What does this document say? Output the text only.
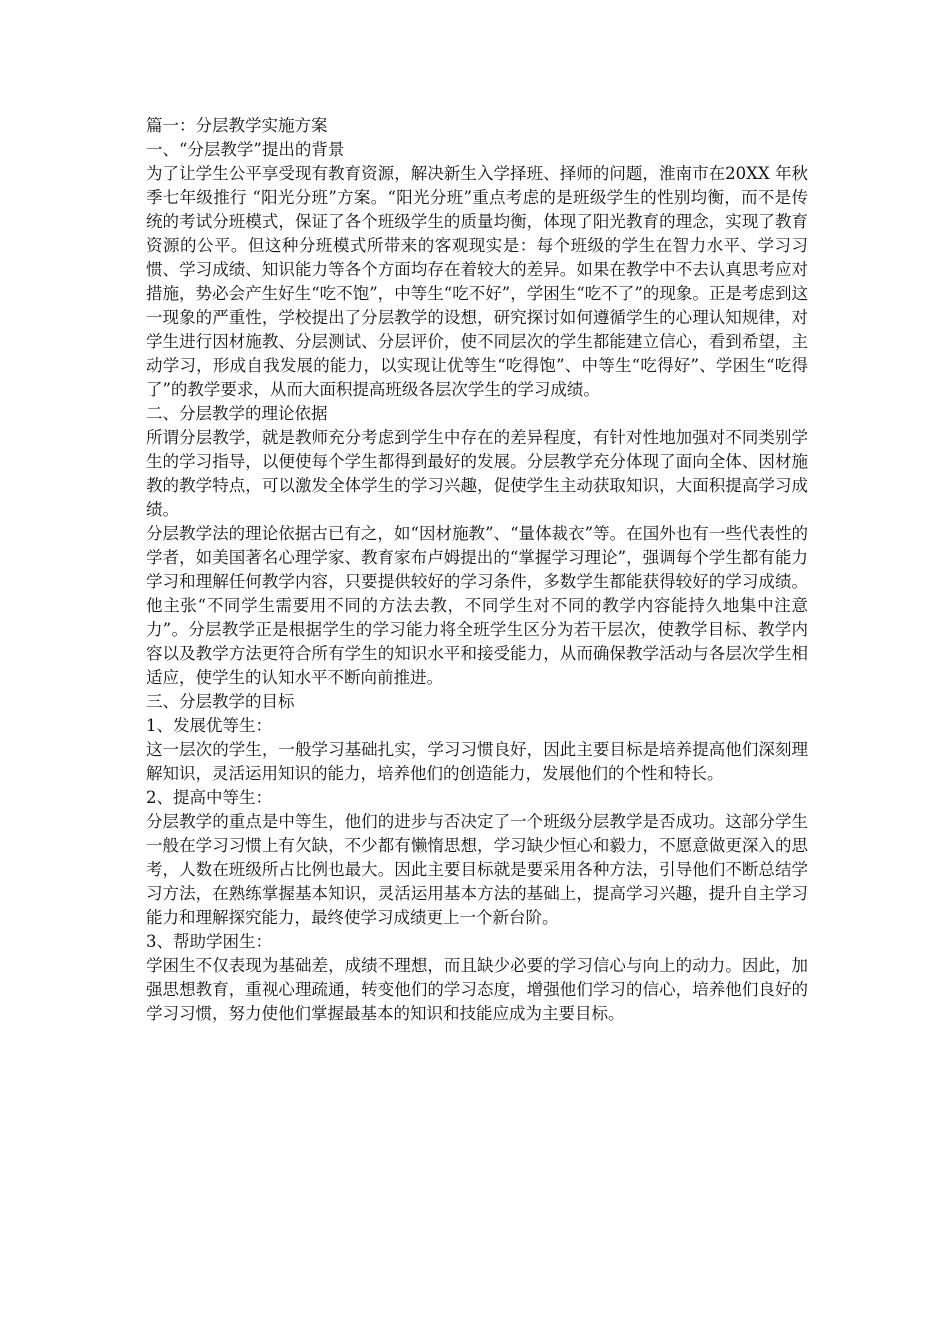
篇一：分层教学实施方案

一、“分层教学”提出的背景

为了让学生公平享受现有教育资源，解决新生入学择班、择师的问题，淮南市在20XX 年秋季七年级推行 “阳光分班”方案。“阳光分班”重点考虑的是班级学生的性别均衡，而不是传统的考试分班模式，保证了各个班级学生的质量均衡，体现了阳光教育的理念，实现了教育资源的公平。但这种分班模式所带来的客观现实是：每个班级的学生在智力水平、学习习惯、学习成绩、知识能力等各个方面均存在着较大的差异。如果在教学中不去认真思考应对措施，势必会产生好生“吃不饱”，中等生“吃不好”，学困生“吃不了”的现象。正是考虑到这一现象的严重性，学校提出了分层教学的设想，研究探讨如何遵循学生的心理认知规律，对学生进行因材施教、分层测试、分层评价，使不同层次的学生都能建立信心，看到希望，主动学习，形成自我发展的能力，以实现让优等生“吃得饱”、中等生“吃得好”、学困生“吃得了”的教学要求，从而大面积提高班级各层次学生的学习成绩。

二、分层教学的理论依据

所谓分层教学，就是教师充分考虑到学生中存在的差异程度，有针对性地加强对不同类别学生的学习指导，以便使每个学生都得到最好的发展。分层教学充分体现了面向全体、因材施教的教学特点，可以激发全体学生的学习兴趣，促使学生主动获取知识，大面积提高学习成绩。

分层教学法的理论依据古已有之，如“因材施教”、“量体裁衣”等。在国外也有一些代表性的学者，如美国著名心理学家、教育家布卢姆提出的“掌握学习理论”，强调每个学生都有能力学习和理解任何教学内容，只要提供较好的学习条件，多数学生都能获得较好的学习成绩。他主张“不同学生需要用不同的方法去教，不同学生对不同的教学内容能持久地集中注意力”。分层教学正是根据学生的学习能力将全班学生区分为若干层次，使教学目标、教学内容以及教学方法更符合所有学生的知识水平和接受能力，从而确保教学活动与各层次学生相适应，使学生的认知水平不断向前推进。

三、分层教学的目标

1、发展优等生：

这一层次的学生，一般学习基础扎实，学习习惯良好，因此主要目标是培养提高他们深刻理解知识，灵活运用知识的能力，培养他们的创造能力，发展他们的个性和特长。

2、提高中等生：

分层教学的重点是中等生，他们的进步与否决定了一个班级分层教学是否成功。这部分学生一般在学习习惯上有欠缺，不少都有懒惰思想，学习缺少恒心和毅力，不愿意做更深入的思考，人数在班级所占比例也最大。因此主要目标就是要采用各种方法，引导他们不断总结学习方法，在熟练掌握基本知识，灵活运用基本方法的基础上，提高学习兴趣，提升自主学习能力和理解探究能力，最终使学习成绩更上一个新台阶。

3、帮助学困生：

学困生不仅表现为基础差，成绩不理想，而且缺少必要的学习信心与向上的动力。因此，加强思想教育，重视心理疏通，转变他们的学习态度，增强他们学习的信心，培养他们良好的学习习惯，努力使他们掌握最基本的知识和技能应成为主要目标。
